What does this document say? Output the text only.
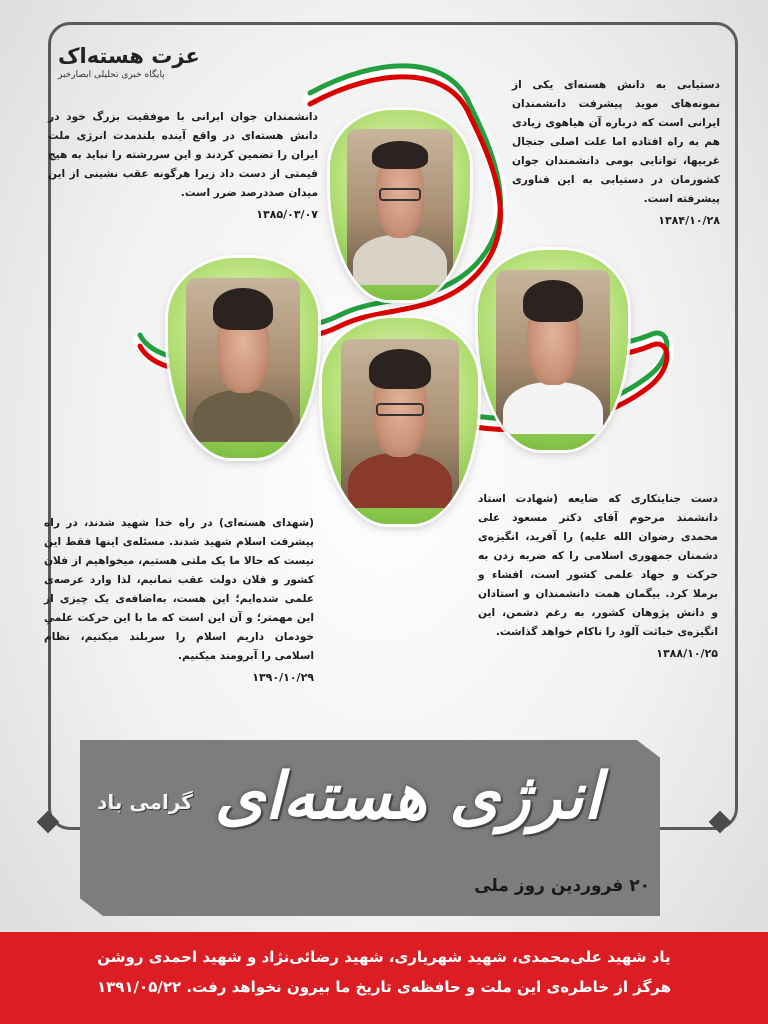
عزت هسته‌اک
پایگاه خبری تحلیلی ابصارخبر
دانشمندان جوان ایرانی با موفقیت بزرگ خود در دانش هسته‌ای در واقع آینده بلندمدت انرژی ملت ایران را تضمین کردند و این سررشته را نباید به هیچ قیمتی از دست داد زیرا هرگونه عقب نشینی از این میدان صددرصد ضرر است.
۱۳۸۵/۰۳/۰۷
دستیابی به دانش هسته‌ای یکی از نمونه‌های موید پیشرفت دانشمندان ایرانی است که درباره آن هیاهوی زیادی هم به راه افتاده اما علت اصلی جنجال غربیها، توانایی بومی دانشمندان جوان کشورمان در دستیابی به این فناوری پیشرفته است.
۱۳۸۴/۱۰/۲۸
(شهدای هسته‌ای) در راه خدا شهید شدند، در راه پیشرفت اسلام شهید شدند. مسئله‌ی اینها فقط این نیست که حالا ما یک ملتی هستیم، میخواهیم از فلان کشور و فلان دولت عقب نمانیم، لذا وارد عرصه‌ی علمی شده‌ایم؛ این هست، به‌اضافه‌ی یک چیزی از این مهمتر؛ و آن این است که ما با این حرکت علمیِ خودمان داریم اسلام را سربلند میکنیم، نظام اسلامی را آبرومند میکنیم.
۱۳۹۰/۱۰/۲۹
دست جنایتکاری که ضایعه (شهادت استاد دانشمند مرحوم آقای دکتر مسعود علی محمدی رضوان الله علیه) را آفرید، انگیزه‌ی دشمنان جمهوری اسلامی را که ضربه زدن به حرکت و جهاد علمی کشور است، افشاء و برملا کرد. بیگمان همت دانشمندان و استادان و دانش پژوهان کشور، به رغم دشمن، این انگیزه‌ی خباثت آلود را ناکام خواهد گذاشت.
۱۳۸۸/۱۰/۲۵
انرژی هسته‌ای
گرامی باد
۲۰ فروردین روز ملی
یاد شهید علی‌محمدی، شهید شهریاری، شهید رضائی‌نژاد و شهید احمدی روشن
هرگز از خاطره‌ی این ملت و حافظه‌ی تاریخ ما بیرون نخواهد رفت. ۱۳۹۱/۰۵/۲۲
